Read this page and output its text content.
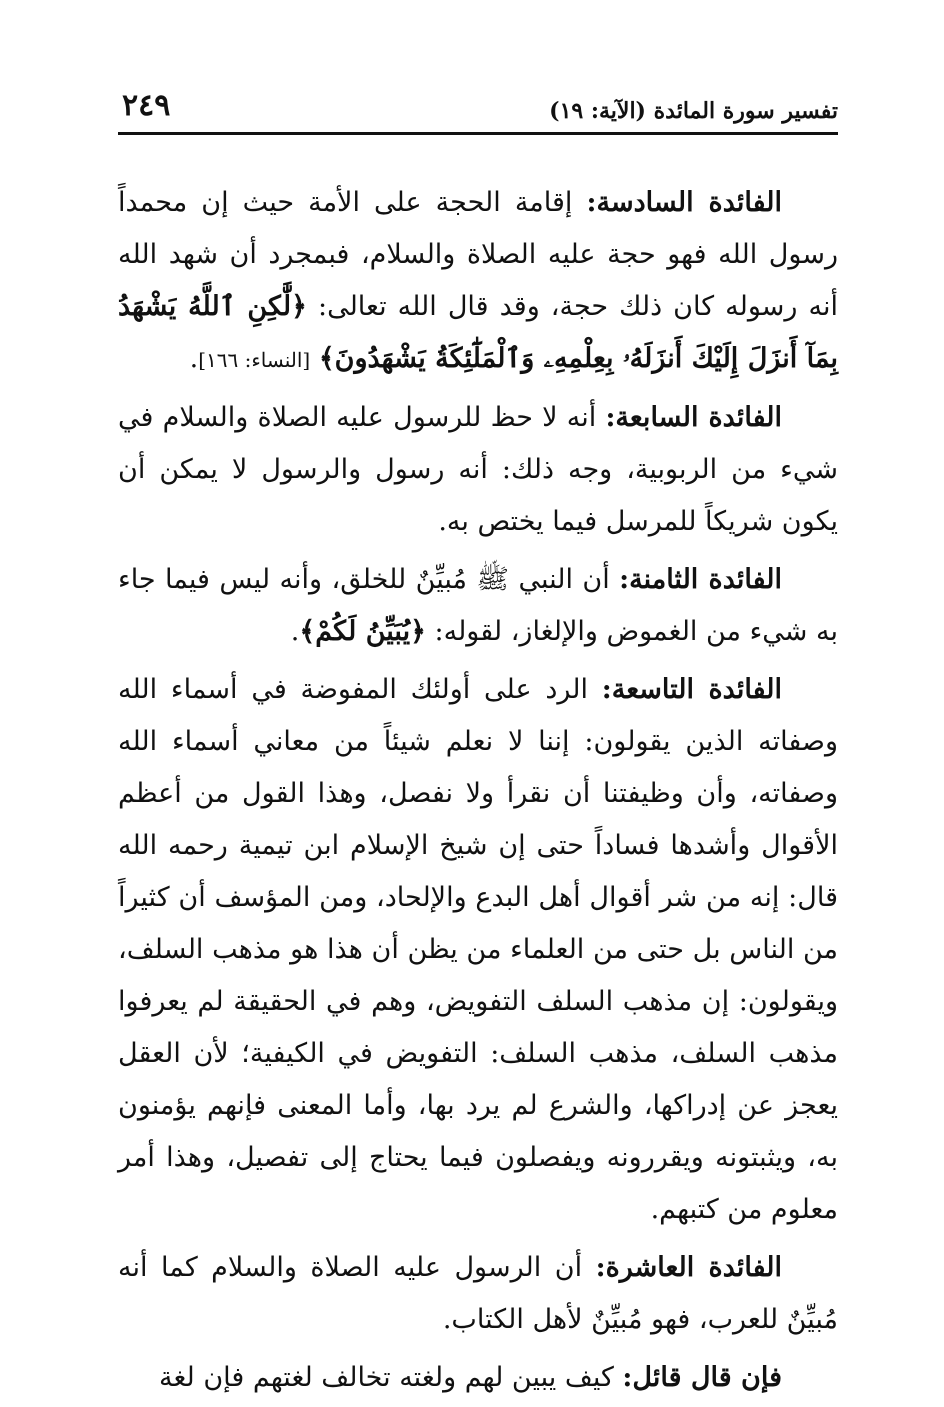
تفسير سورة المائدة (الآية: ١٩)
٢٤٩

الفائدة السادسة: إقامة الحجة على الأمة حيث إن محمداً رسول الله فهو حجة عليه الصلاة والسلام، فبمجرد أن شهد الله أنه رسوله كان ذلك حجة، وقد قال الله تعالى: ﴿لَّٰكِنِ ٱللَّهُ يَشْهَدُ بِمَآ أَنزَلَ إِلَيْكَ أَنزَلَهُۥ بِعِلْمِهِۦ وَٱلْمَلَٰٓئِكَةُ يَشْهَدُونَ﴾ [النساء: ١٦٦].

الفائدة السابعة: أنه لا حظ للرسول عليه الصلاة والسلام في شيء من الربوبية، وجه ذلك: أنه رسول والرسول لا يمكن أن يكون شريكاً للمرسل فيما يختص به.

الفائدة الثامنة: أن النبي ﷺ مُبيِّنٌ للخلق، وأنه ليس فيما جاء به شيء من الغموض والإلغاز، لقوله: ﴿يُبَيِّنُ لَكُمْ﴾.

الفائدة التاسعة: الرد على أولئك المفوضة في أسماء الله وصفاته الذين يقولون: إننا لا نعلم شيئاً من معاني أسماء الله وصفاته، وأن وظيفتنا أن نقرأ ولا نفصل، وهذا القول من أعظم الأقوال وأشدها فساداً حتى إن شيخ الإسلام ابن تيمية رحمه الله قال: إنه من شر أقوال أهل البدع والإلحاد، ومن المؤسف أن كثيراً من الناس بل حتى من العلماء من يظن أن هذا هو مذهب السلف، ويقولون: إن مذهب السلف التفويض، وهم في الحقيقة لم يعرفوا مذهب السلف، مذهب السلف: التفويض في الكيفية؛ لأن العقل يعجز عن إدراكها، والشرع لم يرد بها، وأما المعنى فإنهم يؤمنون به، ويثبتونه ويقررونه ويفصلون فيما يحتاج إلى تفصيل، وهذا أمر معلوم من كتبهم.

الفائدة العاشرة: أن الرسول عليه الصلاة والسلام كما أنه مُبيِّنٌ للعرب، فهو مُبيِّنٌ لأهل الكتاب.

فإن قال قائل: كيف يبين لهم ولغته تخالف لغتهم فإن لغة
